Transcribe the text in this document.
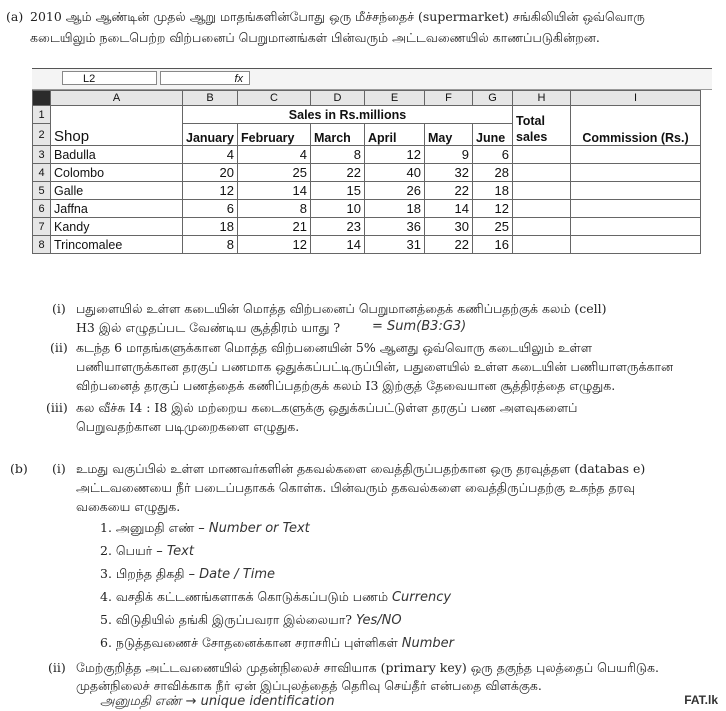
(a) 2010 ஆம் ஆண்டின் முதல் ஆறு மாதங்களின்போது ஒரு மீச்சந்தைச் (supermarket) சங்கிலியின் ஒவ்வொரு
கடையிலும் நடைபெற்ற விற்பனைப் பெறுமானங்கள் பின்வரும் அட்டவணையில் காணப்படுகின்றன.
L2	fx
	A	B	C	D	E	F	G	H	I
1	Shop	Sales in Rs.millions						Total
sales	Commission (Rs.)
2		January	February	March	April	May	June		
3	Badulla	4	4	8	12	9	6		
4	Colombo	20	25	22	40	32	28		
5	Galle	12	14	15	26	22	18		
6	Jaffna	6	8	10	18	14	12		
7	Kandy	18	21	23	36	30	25		
8	Trincomalee	8	12	14	31	22	16		
(i) பதுளையில் உள்ள கடையின் மொத்த விற்பனைப் பெறுமானத்தைக் கணிப்பதற்குக் கலம் (cell)
H3 இல் எழுதப்பட வேண்டிய சூத்திரம் யாது ? = Sum(B3:G3)
(ii) கடந்த 6 மாதங்களுக்கான மொத்த விற்பனையின் 5% ஆனது ஒவ்வொரு கடையிலும் உள்ள
பணியாளருக்கான தரகுப் பணமாக ஒதுக்கப்பட்டிருப்பின், பதுளையில் உள்ள கடையின் பணியாளருக்கான
விற்பனைத் தரகுப் பணத்தைக் கணிப்பதற்குக் கலம் I3 இற்குத் தேவையான சூத்திரத்தை எழுதுக.
(iii) கல வீச்சு I4 : I8 இல் மற்றைய கடைகளுக்கு ஒதுக்கப்பட்டுள்ள தரகுப் பண அளவுகளைப்
பெறுவதற்கான படிமுறைகளை எழுதுக.
(b) (i) உமது வகுப்பில் உள்ள மாணவர்களின் தகவல்களை வைத்திருப்பதற்கான ஒரு தரவுத்தள (databas e)
அட்டவணையை நீர் படைப்பதாகக் கொள்க. பின்வரும் தகவல்களை வைத்திருப்பதற்கு உகந்த தரவு
வகையை எழுதுக.
1. அனுமதி எண் – Number or Text
2. பெயர் – Text
3. பிறந்த திகதி – Date / Time
4. வசதிக் கட்டணங்களாகக் கொடுக்கப்படும் பணம் Currency
5. விடுதியில் தங்கி இருப்பவரா இல்லையா? Yes/NO
6. நடுத்தவணைச் சோதனைக்கான சராசரிப் புள்ளிகள் Number
(ii) மேற்குறித்த அட்டவணையில் முதன்நிலைச் சாவியாக (primary key) ஒரு தகுந்த புலத்தைப் பெயரிடுக.
முதன்நிலைச் சாவிக்காக நீர் ஏன் இப்புலத்தைத் தெரிவு செய்தீர் என்பதை விளக்குக.
அனுமதி எண் → unique identification	FAT.lk
